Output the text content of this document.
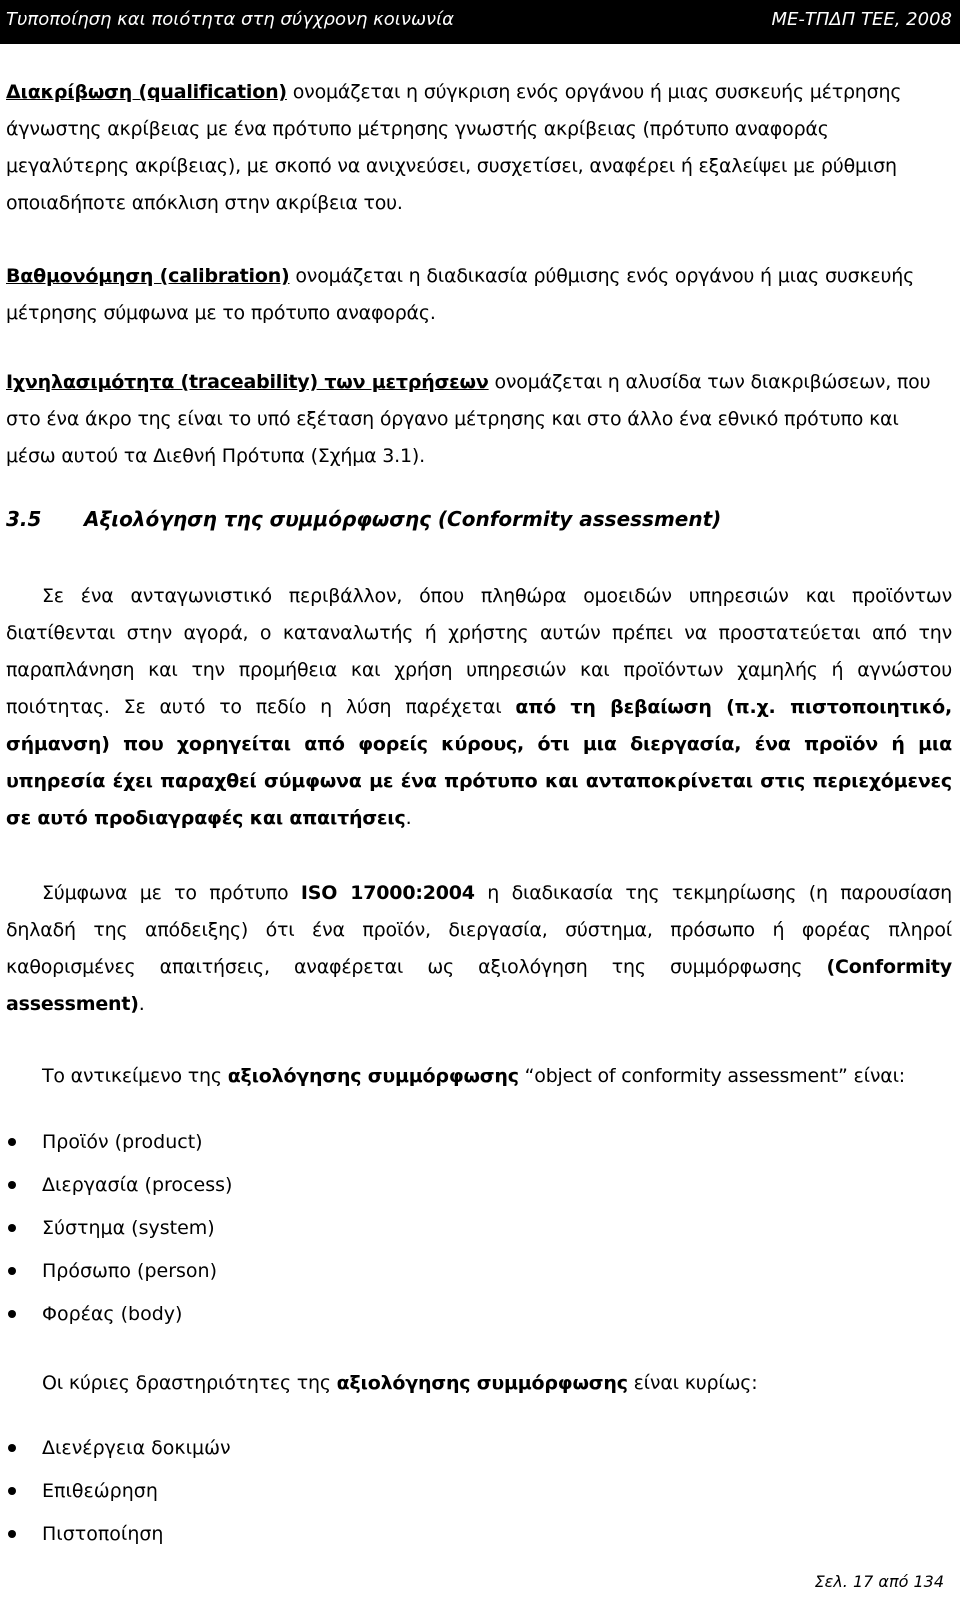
Τυποποίηση και ποιότητα στη σύγχρονη κοινωνία	ΜΕ-ΤΠΔΠ ΤΕΕ, 2008

Διακρίβωση (qualification) ονομάζεται η σύγκριση ενός οργάνου ή μιας συσκευής μέτρησης άγνωστης ακρίβειας με ένα πρότυπο μέτρησης γνωστής ακρίβειας (πρότυπο αναφοράς μεγαλύτερης ακρίβειας), με σκοπό να ανιχνεύσει, συσχετίσει, αναφέρει ή εξαλείψει με ρύθμιση οποιαδήποτε απόκλιση στην ακρίβεια του.

Βαθμονόμηση (calibration) ονομάζεται η διαδικασία ρύθμισης ενός οργάνου ή μιας συσκευής μέτρησης σύμφωνα με το πρότυπο αναφοράς.

Ιχνηλασιμότητα (traceability) των μετρήσεων ονομάζεται η αλυσίδα των διακριβώσεων, που στο ένα άκρο της είναι το υπό εξέταση όργανο μέτρησης και στο άλλο ένα εθνικό πρότυπο και μέσω αυτού τα Διεθνή Πρότυπα (Σχήμα 3.1).

3.5 Αξιολόγηση της συμμόρφωσης (Conformity assessment)

Σε ένα ανταγωνιστικό περιβάλλον, όπου πληθώρα ομοειδών υπηρεσιών και προϊόντων διατίθενται στην αγορά, ο καταναλωτής ή χρήστης αυτών πρέπει να προστατεύεται από την παραπλάνηση και την προμήθεια και χρήση υπηρεσιών και προϊόντων χαμηλής ή αγνώστου ποιότητας. Σε αυτό το πεδίο η λύση παρέχεται από τη βεβαίωση (π.χ. πιστοποιητικό, σήμανση) που χορηγείται από φορείς κύρους, ότι μια διεργασία, ένα προϊόν ή μια υπηρεσία έχει παραχθεί σύμφωνα με ένα πρότυπο και ανταποκρίνεται στις περιεχόμενες σε αυτό προδιαγραφές και απαιτήσεις.

Σύμφωνα με το πρότυπο ISO 17000:2004 η διαδικασία της τεκμηρίωσης (η παρουσίαση δηλαδή της απόδειξης) ότι ένα προϊόν, διεργασία, σύστημα, πρόσωπο ή φορέας πληροί καθορισμένες απαιτήσεις, αναφέρεται ως αξιολόγηση της συμμόρφωσης (Conformity assessment).

Το αντικείμενο της αξιολόγησης συμμόρφωσης “object of conformity assessment” είναι:

Προϊόν (product)
Διεργασία (process)
Σύστημα (system)
Πρόσωπο (person)
Φορέας (body)

Οι κύριες δραστηριότητες της αξιολόγησης συμμόρφωσης είναι κυρίως:

Διενέργεια δοκιμών
Επιθεώρηση
Πιστοποίηση
Σελ. 17 από 134
